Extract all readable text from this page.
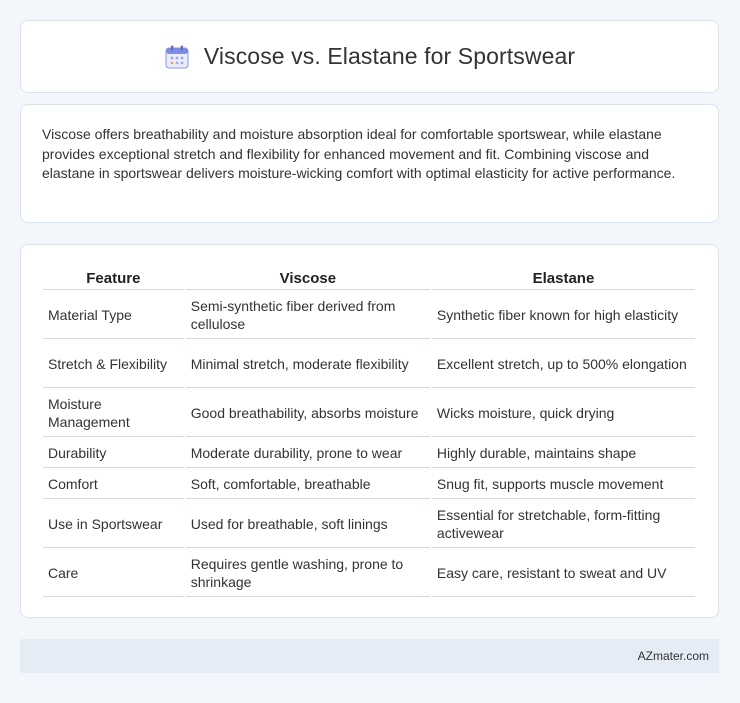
Viscose vs. Elastane for Sportswear

Viscose offers breathability and moisture absorption ideal for comfortable sportswear, while elastane provides exceptional stretch and flexibility for enhanced movement and fit. Combining viscose and elastane in sportswear delivers moisture-wicking comfort with optimal elasticity for active performance.

Feature	Viscose	Elastane
Material Type	Semi-synthetic fiber derived from cellulose	Synthetic fiber known for high elasticity
Stretch & Flexibility	Minimal stretch, moderate flexibility	Excellent stretch, up to 500% elongation
Moisture Management	Good breathability, absorbs moisture	Wicks moisture, quick drying
Durability	Moderate durability, prone to wear	Highly durable, maintains shape
Comfort	Soft, comfortable, breathable	Snug fit, supports muscle movement
Use in Sportswear	Used for breathable, soft linings	Essential for stretchable, form-fitting activewear
Care	Requires gentle washing, prone to shrinkage	Easy care, resistant to sweat and UV
AZmater.com
